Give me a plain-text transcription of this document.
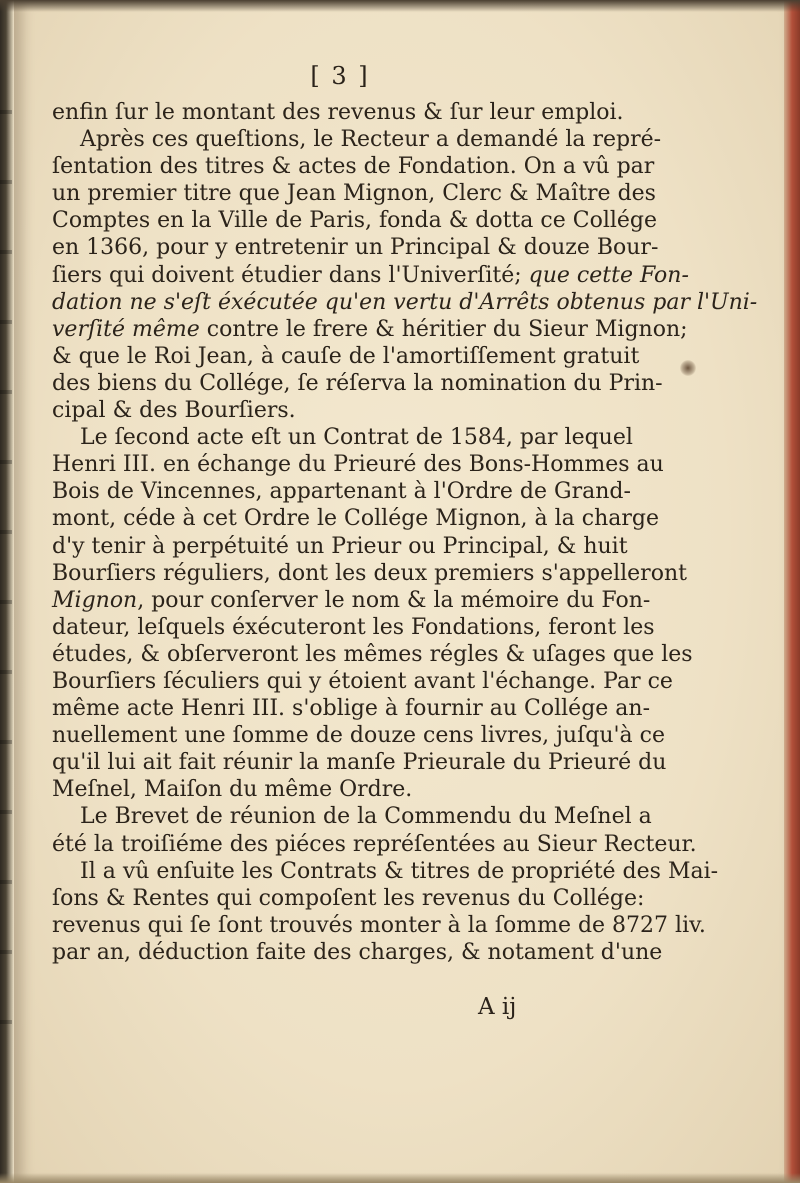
[ 3 ]
enfin ſur le montant des revenus & ſur leur emploi.
Après ces queſtions, le Recteur a demandé la repré-
ſentation des titres & actes de Fondation. On a vû par
un premier titre que Jean Mignon, Clerc & Maître des
Comptes en la Ville de Paris, fonda & dotta ce Collége
en 1366, pour y entretenir un Principal & douze Bour-
ſiers qui doivent étudier dans l'Univerſité; que cette Fon-
dation ne s'eſt éxécutée qu'en vertu d'Arrêts obtenus par l'Uni-
verſité même contre le frere & héritier du Sieur Mignon;
& que le Roi Jean, à cauſe de l'amortiſſement gratuit
des biens du Collége, ſe réſerva la nomination du Prin-
cipal & des Bourſiers.
Le ſecond acte eſt un Contrat de 1584, par lequel
Henri III. en échange du Prieuré des Bons-Hommes au
Bois de Vincennes, appartenant à l'Ordre de Grand-
mont, céde à cet Ordre le Collége Mignon, à la charge
d'y tenir à perpétuité un Prieur ou Principal, & huit
Bourſiers réguliers, dont les deux premiers s'appelleront
Mignon, pour conſerver le nom & la mémoire du Fon-
dateur, leſquels éxécuteront les Fondations, feront les
études, & obſerveront les mêmes régles & uſages que les
Bourſiers ſéculiers qui y étoient avant l'échange. Par ce
même acte Henri III. s'oblige à fournir au Collége an-
nuellement une ſomme de douze cens livres, juſqu'à ce
qu'il lui ait fait réunir la manſe Prieurale du Prieuré du
Meſnel, Maiſon du même Ordre.
Le Brevet de réunion de la Commendu du Meſnel a
été la troiſiéme des piéces repréſentées au Sieur Recteur.
Il a vû enſuite les Contrats & titres de propriété des Mai-
ſons & Rentes qui compoſent les revenus du Collége:
revenus qui ſe ſont trouvés monter à la ſomme de 8727 liv.
par an, déduction faite des charges, & notament d'une
A ij
